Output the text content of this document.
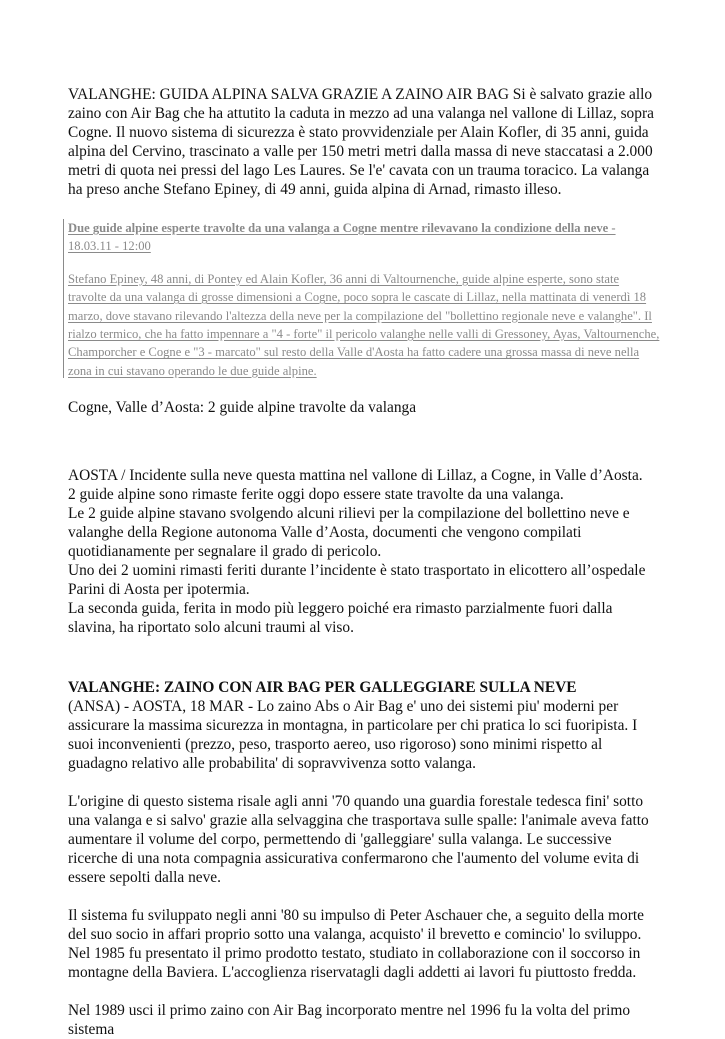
VALANGHE: GUIDA ALPINA SALVA GRAZIE A ZAINO AIR BAG Si è salvato grazie allo zaino con Air Bag che ha attutito la caduta in mezzo ad una valanga nel vallone di Lillaz, sopra Cogne. Il nuovo sistema di sicurezza è stato provvidenziale per Alain Kofler, di 35 anni, guida alpina del Cervino, trascinato a valle per 150 metri metri dalla massa di neve staccatasi a 2.000 metri di quota nei pressi del lago Les Laures. Se l'e' cavata con un trauma toracico. La valanga ha preso anche Stefano Epiney, di 49 anni, guida alpina di Arnad, rimasto illeso.

Due guide alpine esperte travolte da una valanga a Cogne mentre rilevavano la condizione della neve -
18.03.11 - 12:00

Stefano Epiney, 48 anni, di Pontey ed Alain Kofler, 36 anni di Valtournenche, guide alpine esperte, sono state travolte da una valanga di grosse dimensioni a Cogne, poco sopra le cascate di Lillaz, nella mattinata di venerdì 18 marzo, dove stavano rilevando l'altezza della neve per la compilazione del "bollettino regionale neve e valanghe". Il rialzo termico, che ha fatto impennare a "4 - forte" il pericolo valanghe nelle valli di Gressoney, Ayas, Valtournenche, Champorcher e Cogne e "3 - marcato" sul resto della Valle d'Aosta ha fatto cadere una grossa massa di neve nella zona in cui stavano operando le due guide alpine.

Cogne, Valle d’Aosta: 2 guide alpine travolte da valanga

AOSTA / Incidente sulla neve questa mattina nel vallone di Lillaz, a Cogne, in Valle d’Aosta.

2 guide alpine sono rimaste ferite oggi dopo essere state travolte da una valanga.

Le 2 guide alpine stavano svolgendo alcuni rilievi per la compilazione del bollettino neve e valanghe della Regione autonoma Valle d’Aosta, documenti che vengono compilati quotidianamente per segnalare il grado di pericolo.

Uno dei 2 uomini rimasti feriti durante l’incidente è stato trasportato in elicottero all’ospedale Parini di Aosta per ipotermia.

La seconda guida, ferita in modo più leggero poiché era rimasto parzialmente fuori dalla slavina, ha riportato solo alcuni traumi al viso.

VALANGHE: ZAINO CON AIR BAG PER GALLEGGIARE SULLA NEVE

(ANSA) - AOSTA, 18 MAR - Lo zaino Abs o Air Bag e' uno dei sistemi piu' moderni per assicurare la massima sicurezza in montagna, in particolare per chi pratica lo sci fuoripista. I suoi inconvenienti (prezzo, peso, trasporto aereo, uso rigoroso) sono minimi rispetto al guadagno relativo alle probabilita' di sopravvivenza sotto valanga.

L'origine di questo sistema risale agli anni '70 quando una guardia forestale tedesca fini' sotto una valanga e si salvo' grazie alla selvaggina che trasportava sulle spalle: l'animale aveva fatto aumentare il volume del corpo, permettendo di 'galleggiare' sulla valanga. Le successive ricerche di una nota compagnia assicurativa confermarono che l'aumento del volume evita di essere sepolti dalla neve.

Il sistema fu sviluppato negli anni '80 su impulso di Peter Aschauer che, a seguito della morte del suo socio in affari proprio sotto una valanga, acquisto' il brevetto e comincio' lo sviluppo. Nel 1985 fu presentato il primo prodotto testato, studiato in collaborazione con il soccorso in montagne della Baviera. L'accoglienza riservatagli dagli addetti ai lavori fu piuttosto fredda.

Nel 1989 usci il primo zaino con Air Bag incorporato mentre nel 1996 fu la volta del primo sistema
